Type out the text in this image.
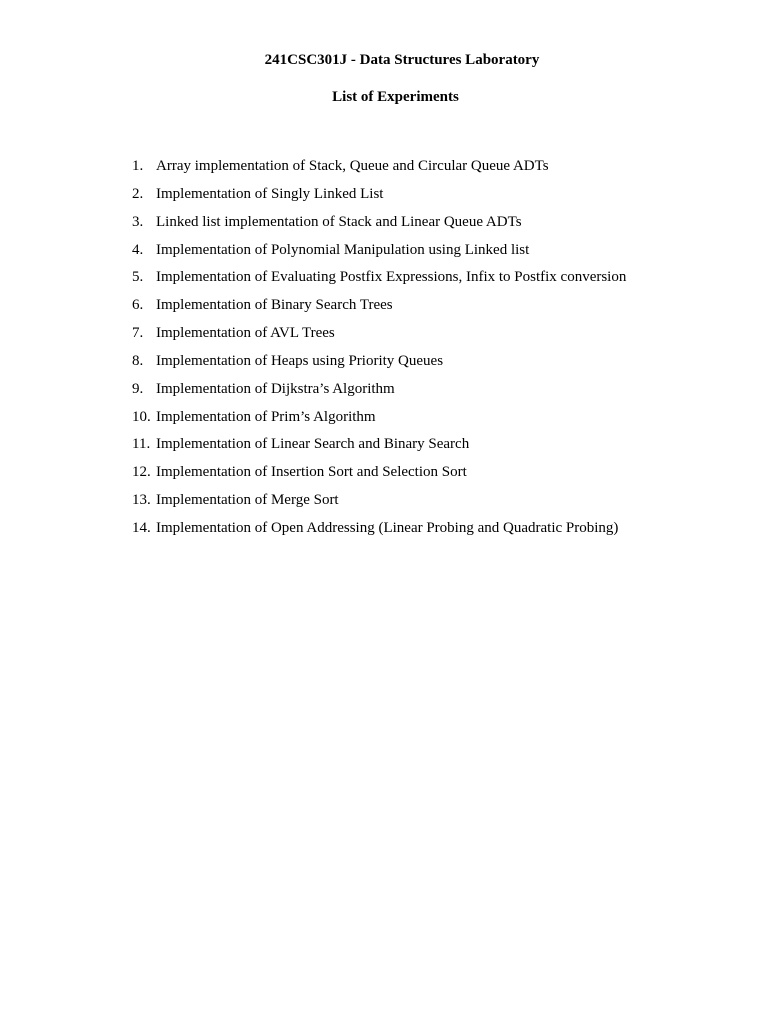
241CSC301J - Data Structures Laboratory
List of Experiments
1. Array implementation of Stack, Queue and Circular Queue ADTs
2. Implementation of Singly Linked List
3. Linked list implementation of Stack and Linear Queue ADTs
4. Implementation of Polynomial Manipulation using Linked list
5. Implementation of Evaluating Postfix Expressions, Infix to Postfix conversion
6. Implementation of Binary Search Trees
7. Implementation of AVL Trees
8. Implementation of Heaps using Priority Queues
9. Implementation of Dijkstra’s Algorithm
10. Implementation of Prim’s Algorithm
11. Implementation of Linear Search and Binary Search
12. Implementation of Insertion Sort and Selection Sort
13. Implementation of Merge Sort
14. Implementation of Open Addressing (Linear Probing and Quadratic Probing)
